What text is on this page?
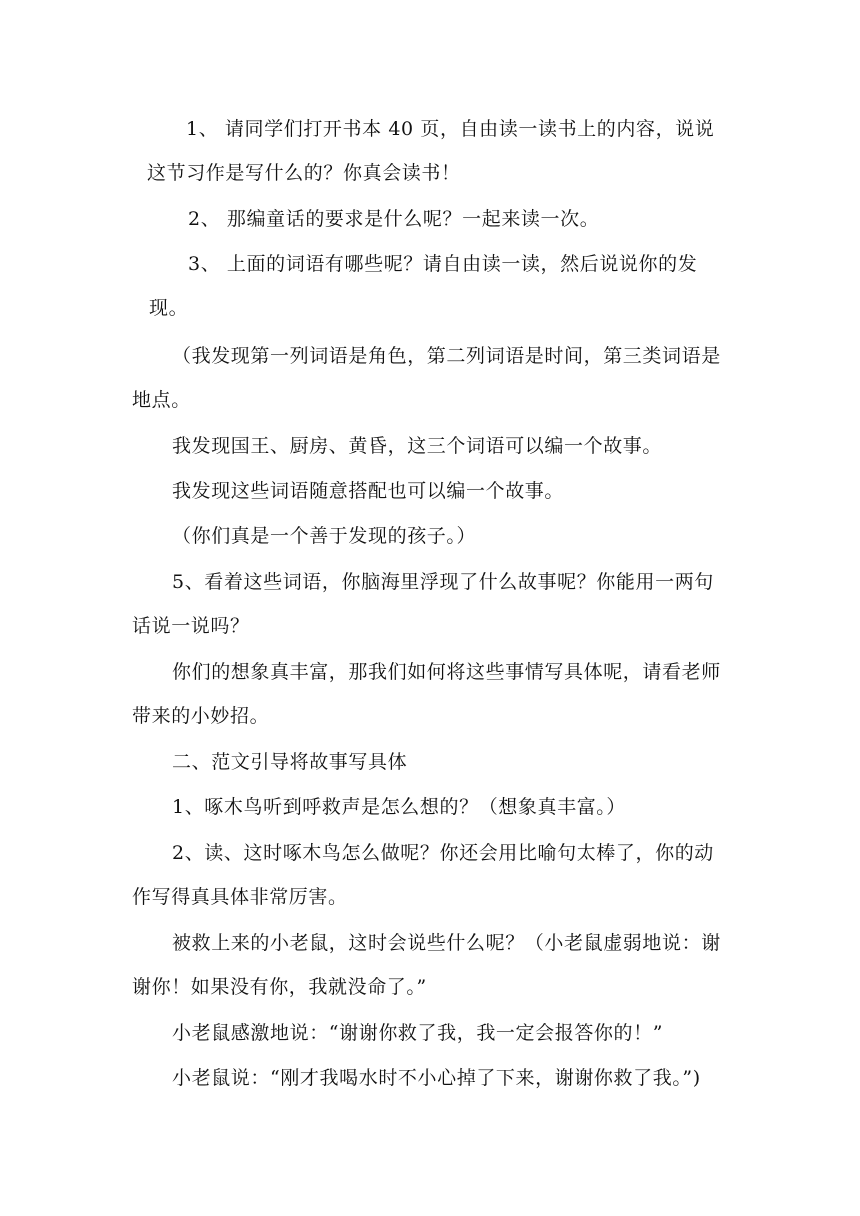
1、 请同学们打开书本 40 页，自由读一读书上的内容，说说
这节习作是写什么的？你真会读书！
2、 那编童话的要求是什么呢？一起来读一次。
3、 上面的词语有哪些呢？请自由读一读，然后说说你的发
现。
（我发现第一列词语是角色，第二列词语是时间，第三类词语是
地点。
我发现国王、厨房、黄昏，这三个词语可以编一个故事。
我发现这些词语随意搭配也可以编一个故事。
（你们真是一个善于发现的孩子。）
5、看着这些词语，你脑海里浮现了什么故事呢？你能用一两句
话说一说吗？
你们的想象真丰富，那我们如何将这些事情写具体呢，请看老师
带来的小妙招。
二、范文引导将故事写具体
1、啄木鸟听到呼救声是怎么想的？（想象真丰富。）
2、读、这时啄木鸟怎么做呢？你还会用比喻句太棒了，你的动
作写得真具体非常厉害。
被救上来的小老鼠，这时会说些什么呢？（小老鼠虚弱地说：谢
谢你！如果没有你，我就没命了。”
小老鼠感激地说：“谢谢你救了我，我一定会报答你的！”
小老鼠说：“刚才我喝水时不小心掉了下来，谢谢你救了我。”)
